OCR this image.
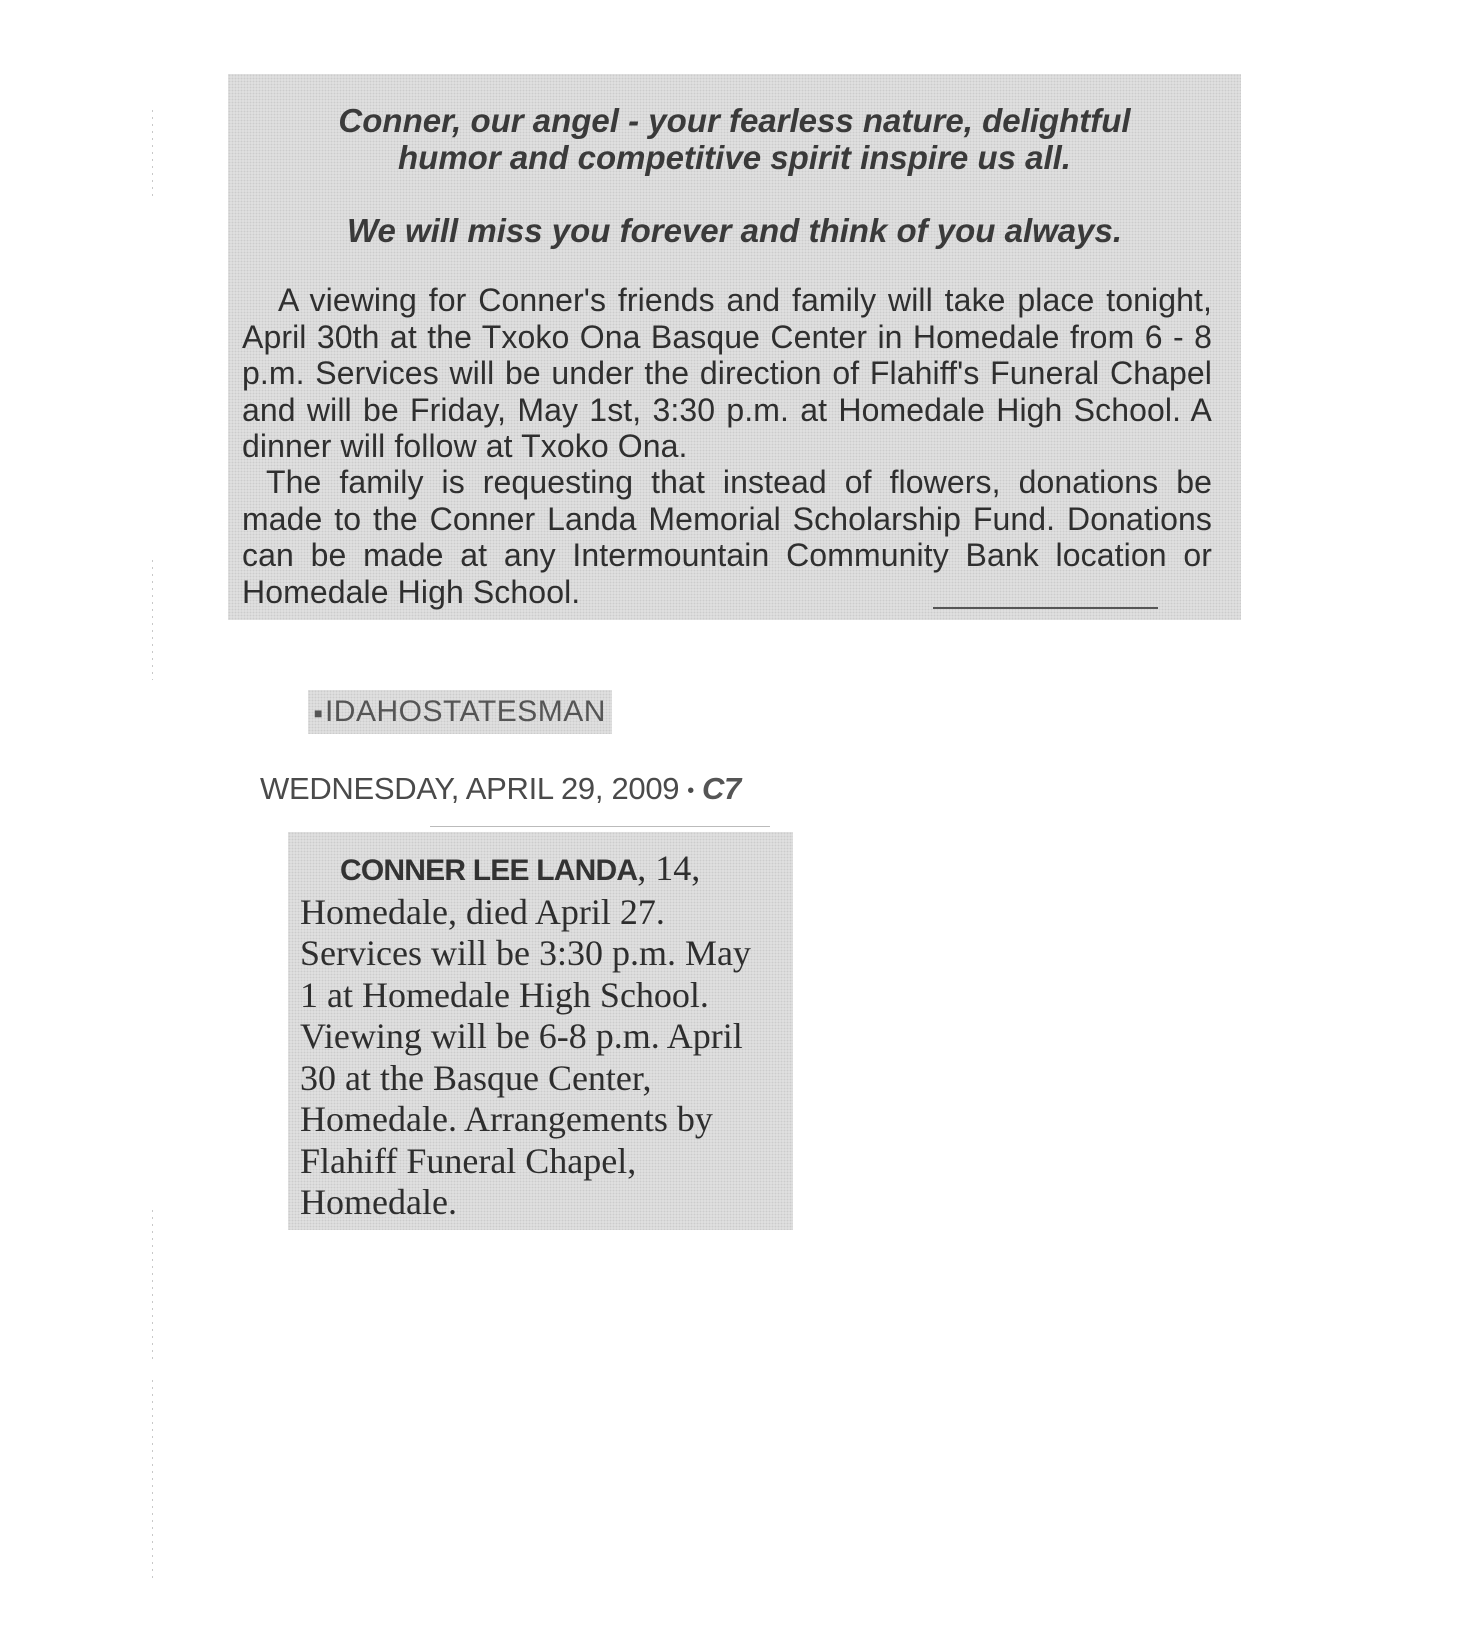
Conner, our angel - your fearless nature, delightful
humor and competitive spirit inspire us all.

We will miss you forever and think of you always.

A viewing for Conner's friends and family will take place tonight, April 30th at the Txoko Ona Basque Center in Homedale from 6 - 8 p.m. Services will be under the direction of Flahiff's Funeral Chapel and will be Friday, May 1st, 3:30 p.m. at Homedale High School. A dinner will follow at Txoko Ona.

The family is requesting that instead of flowers, donations be made to the Conner Landa Memorial Scholarship Fund. Donations can be made at any Intermountain Community Bank location or Homedale High School.

■IDAHOSTATESMAN
WEDNESDAY, APRIL 29, 2009 • C7

CONNER LEE LANDA, 14, Homedale, died April 27. Services will be 3:30 p.m. May 1 at Homedale High School. Viewing will be 6-8 p.m. April 30 at the Basque Center, Homedale. Arrangements by Flahiff Funeral Chapel, Homedale.
